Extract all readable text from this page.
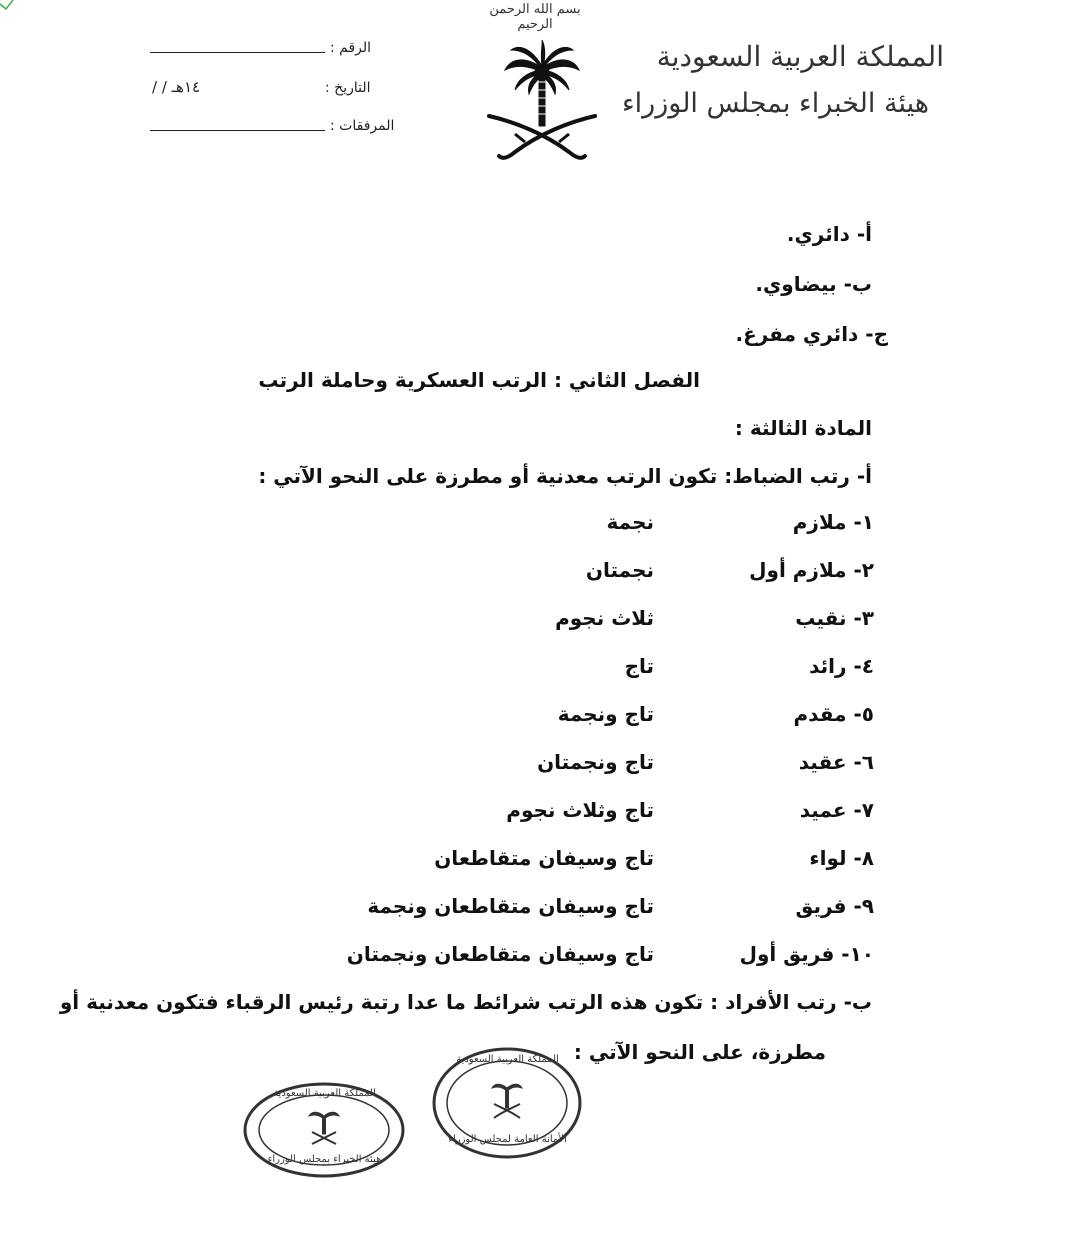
بسم الله الرحمن الرحيم
المملكة العربية السعودية
هيئة الخبراء بمجلس الوزراء
الرقم :
/ / ١٤هـ	التاريخ :
المرفقات :
أ- دائري.
ب- بيضاوي.
ج- دائري مفرغ.
الفصل الثاني : الرتب العسكرية وحاملة الرتب
المادة الثالثة :
أ- رتب الضباط: تكون الرتب معدنية أو مطرزة على النحو الآتي :
١- ملازم
نجمة
٢- ملازم أول
نجمتان
٣- نقيب
ثلاث نجوم
٤- رائد
تاج
٥- مقدم
تاج ونجمة
٦- عقيد
تاج ونجمتان
٧- عميد
تاج وثلاث نجوم
٨- لواء
تاج وسيفان متقاطعان
٩- فريق
تاج وسيفان متقاطعان ونجمة
١٠- فريق أول
تاج وسيفان متقاطعان ونجمتان
ب- رتب الأفراد : تكون هذه الرتب شرائط ما عدا رتبة رئيس الرقباء فتكون معدنية أو
مطرزة، على النحو الآتي :
المملكة العربية السعودية
الأمانة العامة لمجلس الوزراء
المملكة العربية السعودية
هيئة الخبراء بمجلس الوزراء
